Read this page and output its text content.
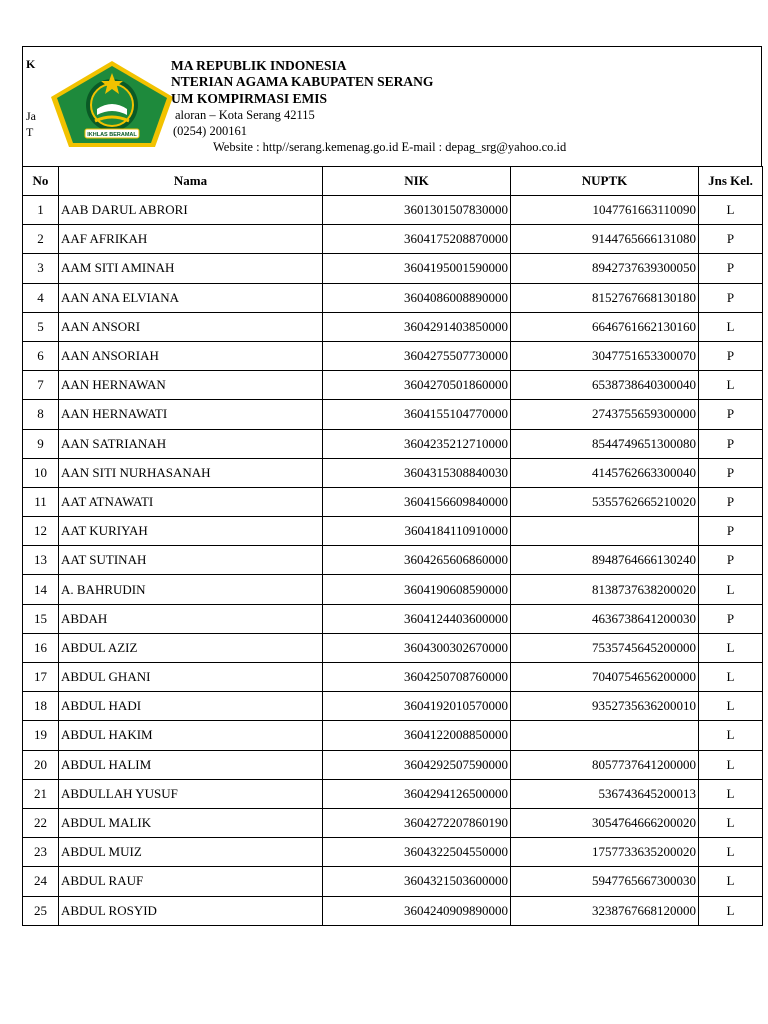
K
Ja
T	IKHLAS BERAMAL
MA REPUBLIK INDONESIA
NTERIAN AGAMA KABUPATEN SERANG
UM KOMPIRMASI EMIS
aloran – Kota Serang 42115
(0254) 200161
Website : http//serang.kemenag.go.id E-mail : depag_srg@yahoo.co.id
No	Nama	NIK	NUPTK	Jns Kel.
1	AAB DARUL ABRORI	3601301507830000	1047761663110090	L
2	AAF AFRIKAH	3604175208870000	9144765666131080	P
3	AAM SITI AMINAH	3604195001590000	8942737639300050	P
4	AAN ANA ELVIANA	3604086008890000	8152767668130180	P
5	AAN ANSORI	3604291403850000	6646761662130160	L
6	AAN ANSORIAH	3604275507730000	3047751653300070	P
7	AAN HERNAWAN	3604270501860000	6538738640300040	L
8	AAN HERNAWATI	3604155104770000	2743755659300000	P
9	AAN SATRIANAH	3604235212710000	8544749651300080	P
10	AAN SITI NURHASANAH	3604315308840030	4145762663300040	P
11	AAT ATNAWATI	3604156609840000	5355762665210020	P
12	AAT KURIYAH	3604184110910000		P
13	AAT SUTINAH	3604265606860000	8948764666130240	P
14	A. BAHRUDIN	3604190608590000	8138737638200020	L
15	ABDAH	3604124403600000	4636738641200030	P
16	ABDUL AZIZ	3604300302670000	7535745645200000	L
17	ABDUL GHANI	3604250708760000	7040754656200000	L
18	ABDUL HADI	3604192010570000	9352735636200010	L
19	ABDUL HAKIM	3604122008850000		L
20	ABDUL HALIM	3604292507590000	8057737641200000	L
21	ABDULLAH YUSUF	3604294126500000	536743645200013	L
22	ABDUL MALIK	3604272207860190	3054764666200020	L
23	ABDUL MUIZ	3604322504550000	1757733635200020	L
24	ABDUL RAUF	3604321503600000	5947765667300030	L
25	ABDUL ROSYID	3604240909890000	3238767668120000	L
